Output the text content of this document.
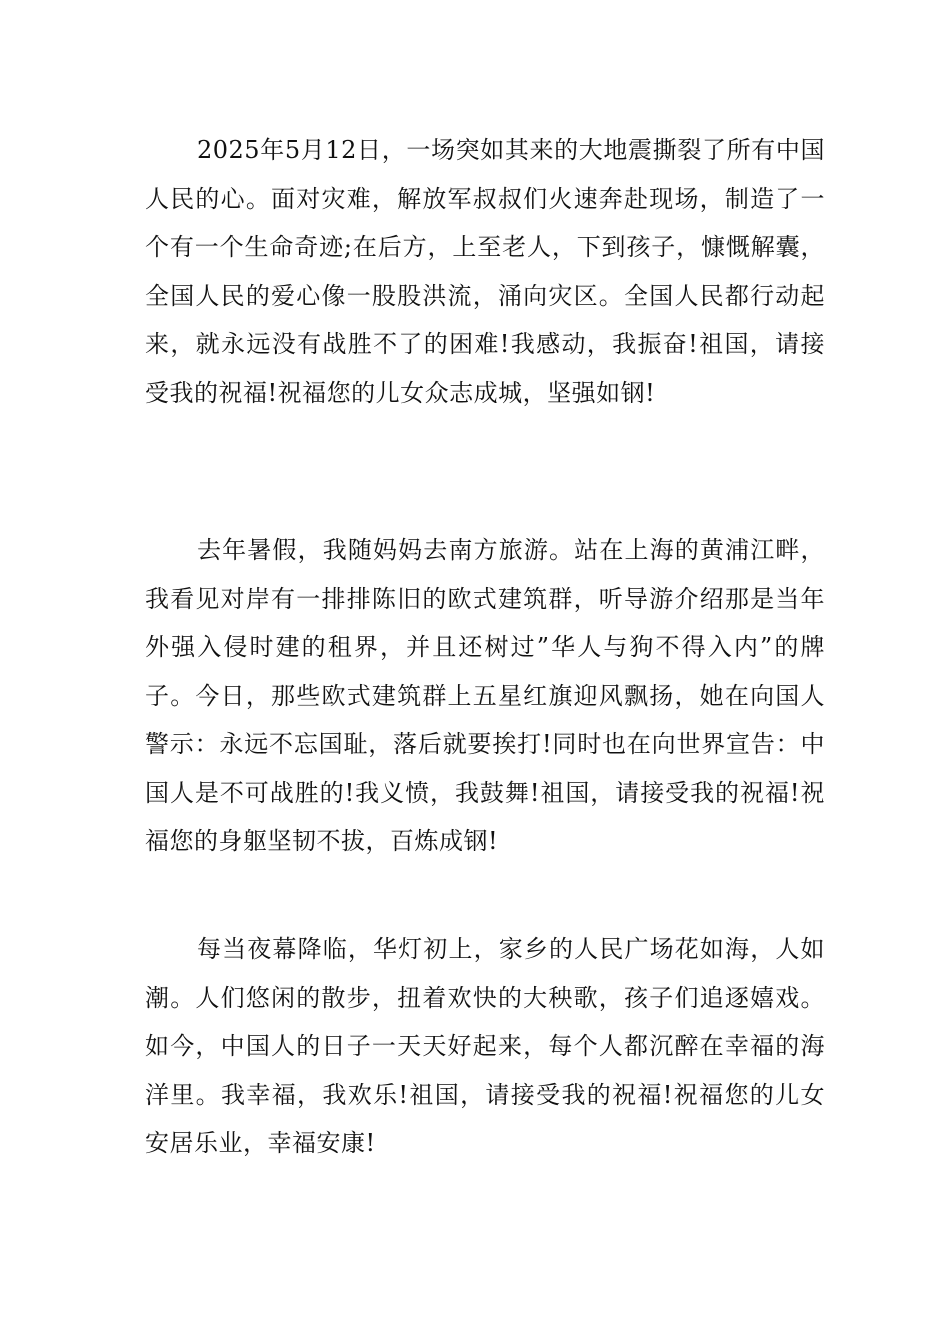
2025年5月12日，一场突如其来的大地震撕裂了所有中国人民的心。面对灾难，解放军叔叔们火速奔赴现场，制造了一个有一个生命奇迹;在后方，上至老人，下到孩子，慷慨解囊，全国人民的爱心像一股股洪流，涌向灾区。全国人民都行动起来，就永远没有战胜不了的困难!我感动，我振奋!祖国，请接受我的祝福!祝福您的儿女众志成城，坚强如钢!

去年暑假，我随妈妈去南方旅游。站在上海的黄浦江畔，我看见对岸有一排排陈旧的欧式建筑群，听导游介绍那是当年外强入侵时建的租界，并且还树过”华人与狗不得入内”的牌子。今日，那些欧式建筑群上五星红旗迎风飘扬，她在向国人警示：永远不忘国耻，落后就要挨打!同时也在向世界宣告：中国人是不可战胜的!我义愤，我鼓舞!祖国，请接受我的祝福!祝福您的身躯坚韧不拔，百炼成钢!

每当夜幕降临，华灯初上，家乡的人民广场花如海，人如潮。人们悠闲的散步，扭着欢快的大秧歌，孩子们追逐嬉戏。如今，中国人的日子一天天好起来，每个人都沉醉在幸福的海洋里。我幸福，我欢乐!祖国，请接受我的祝福!祝福您的儿女安居乐业，幸福安康!
